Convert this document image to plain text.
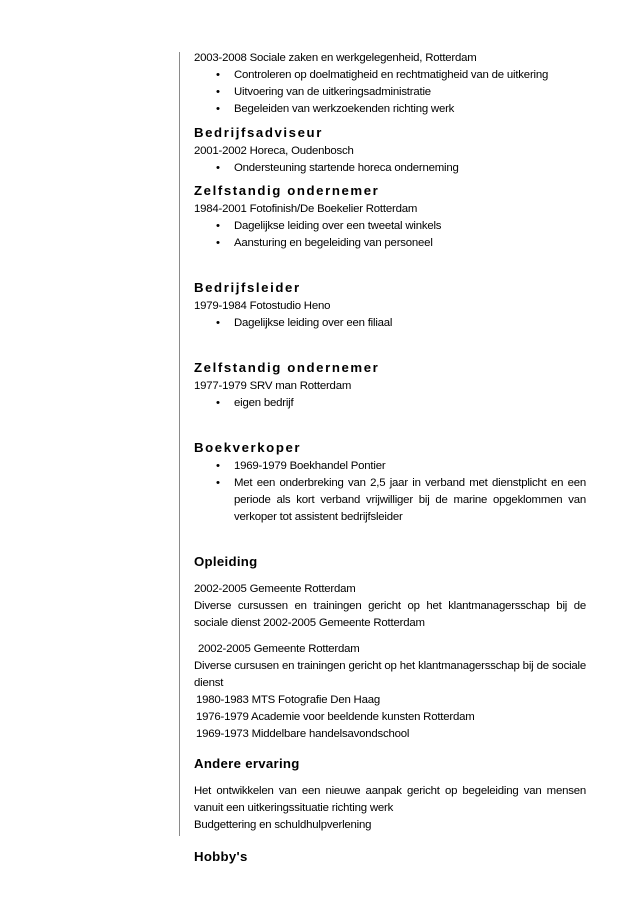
2003-2008 Sociale zaken en werkgelegenheid, Rotterdam
• Controleren op doelmatigheid en rechtmatigheid van de uitkering
• Uitvoering van de uitkeringsadministratie
• Begeleiden van werkzoekenden richting werk
Bedrijfsadviseur
2001-2002 Horeca, Oudenbosch
• Ondersteuning startende horeca onderneming
Zelfstandig ondernemer
1984-2001 Fotofinish/De Boekelier Rotterdam
• Dagelijkse leiding over een tweetal winkels
• Aansturing en begeleiding van personeel
Bedrijfsleider
1979-1984 Fotostudio Heno
• Dagelijkse leiding over een filiaal
Zelfstandig ondernemer
1977-1979 SRV man Rotterdam
• eigen bedrijf
Boekverkoper
• 1969-1979 Boekhandel Pontier
• Met een onderbreking van 2,5 jaar in verband met dienstplicht en een periode als kort verband vrijwilliger bij de marine opgeklommen van verkoper tot assistent bedrijfsleider
Opleiding
2002-2005 Gemeente Rotterdam
Diverse cursussen en trainingen gericht op het klantmanagersschap bij de sociale dienst 2002-2005 Gemeente Rotterdam
2002-2005 Gemeente Rotterdam
Diverse cursusen en trainingen gericht op het klantmanagersschap bij de sociale dienst
1980-1983 MTS Fotografie Den Haag
1976-1979 Academie voor beeldende kunsten Rotterdam
1969-1973 Middelbare handelsavondschool
Andere ervaring
Het ontwikkelen van een nieuwe aanpak gericht op begeleiding van mensen vanuit een uitkeringssituatie richting werk
Budgettering en schuldhulpverlening
Hobby's
